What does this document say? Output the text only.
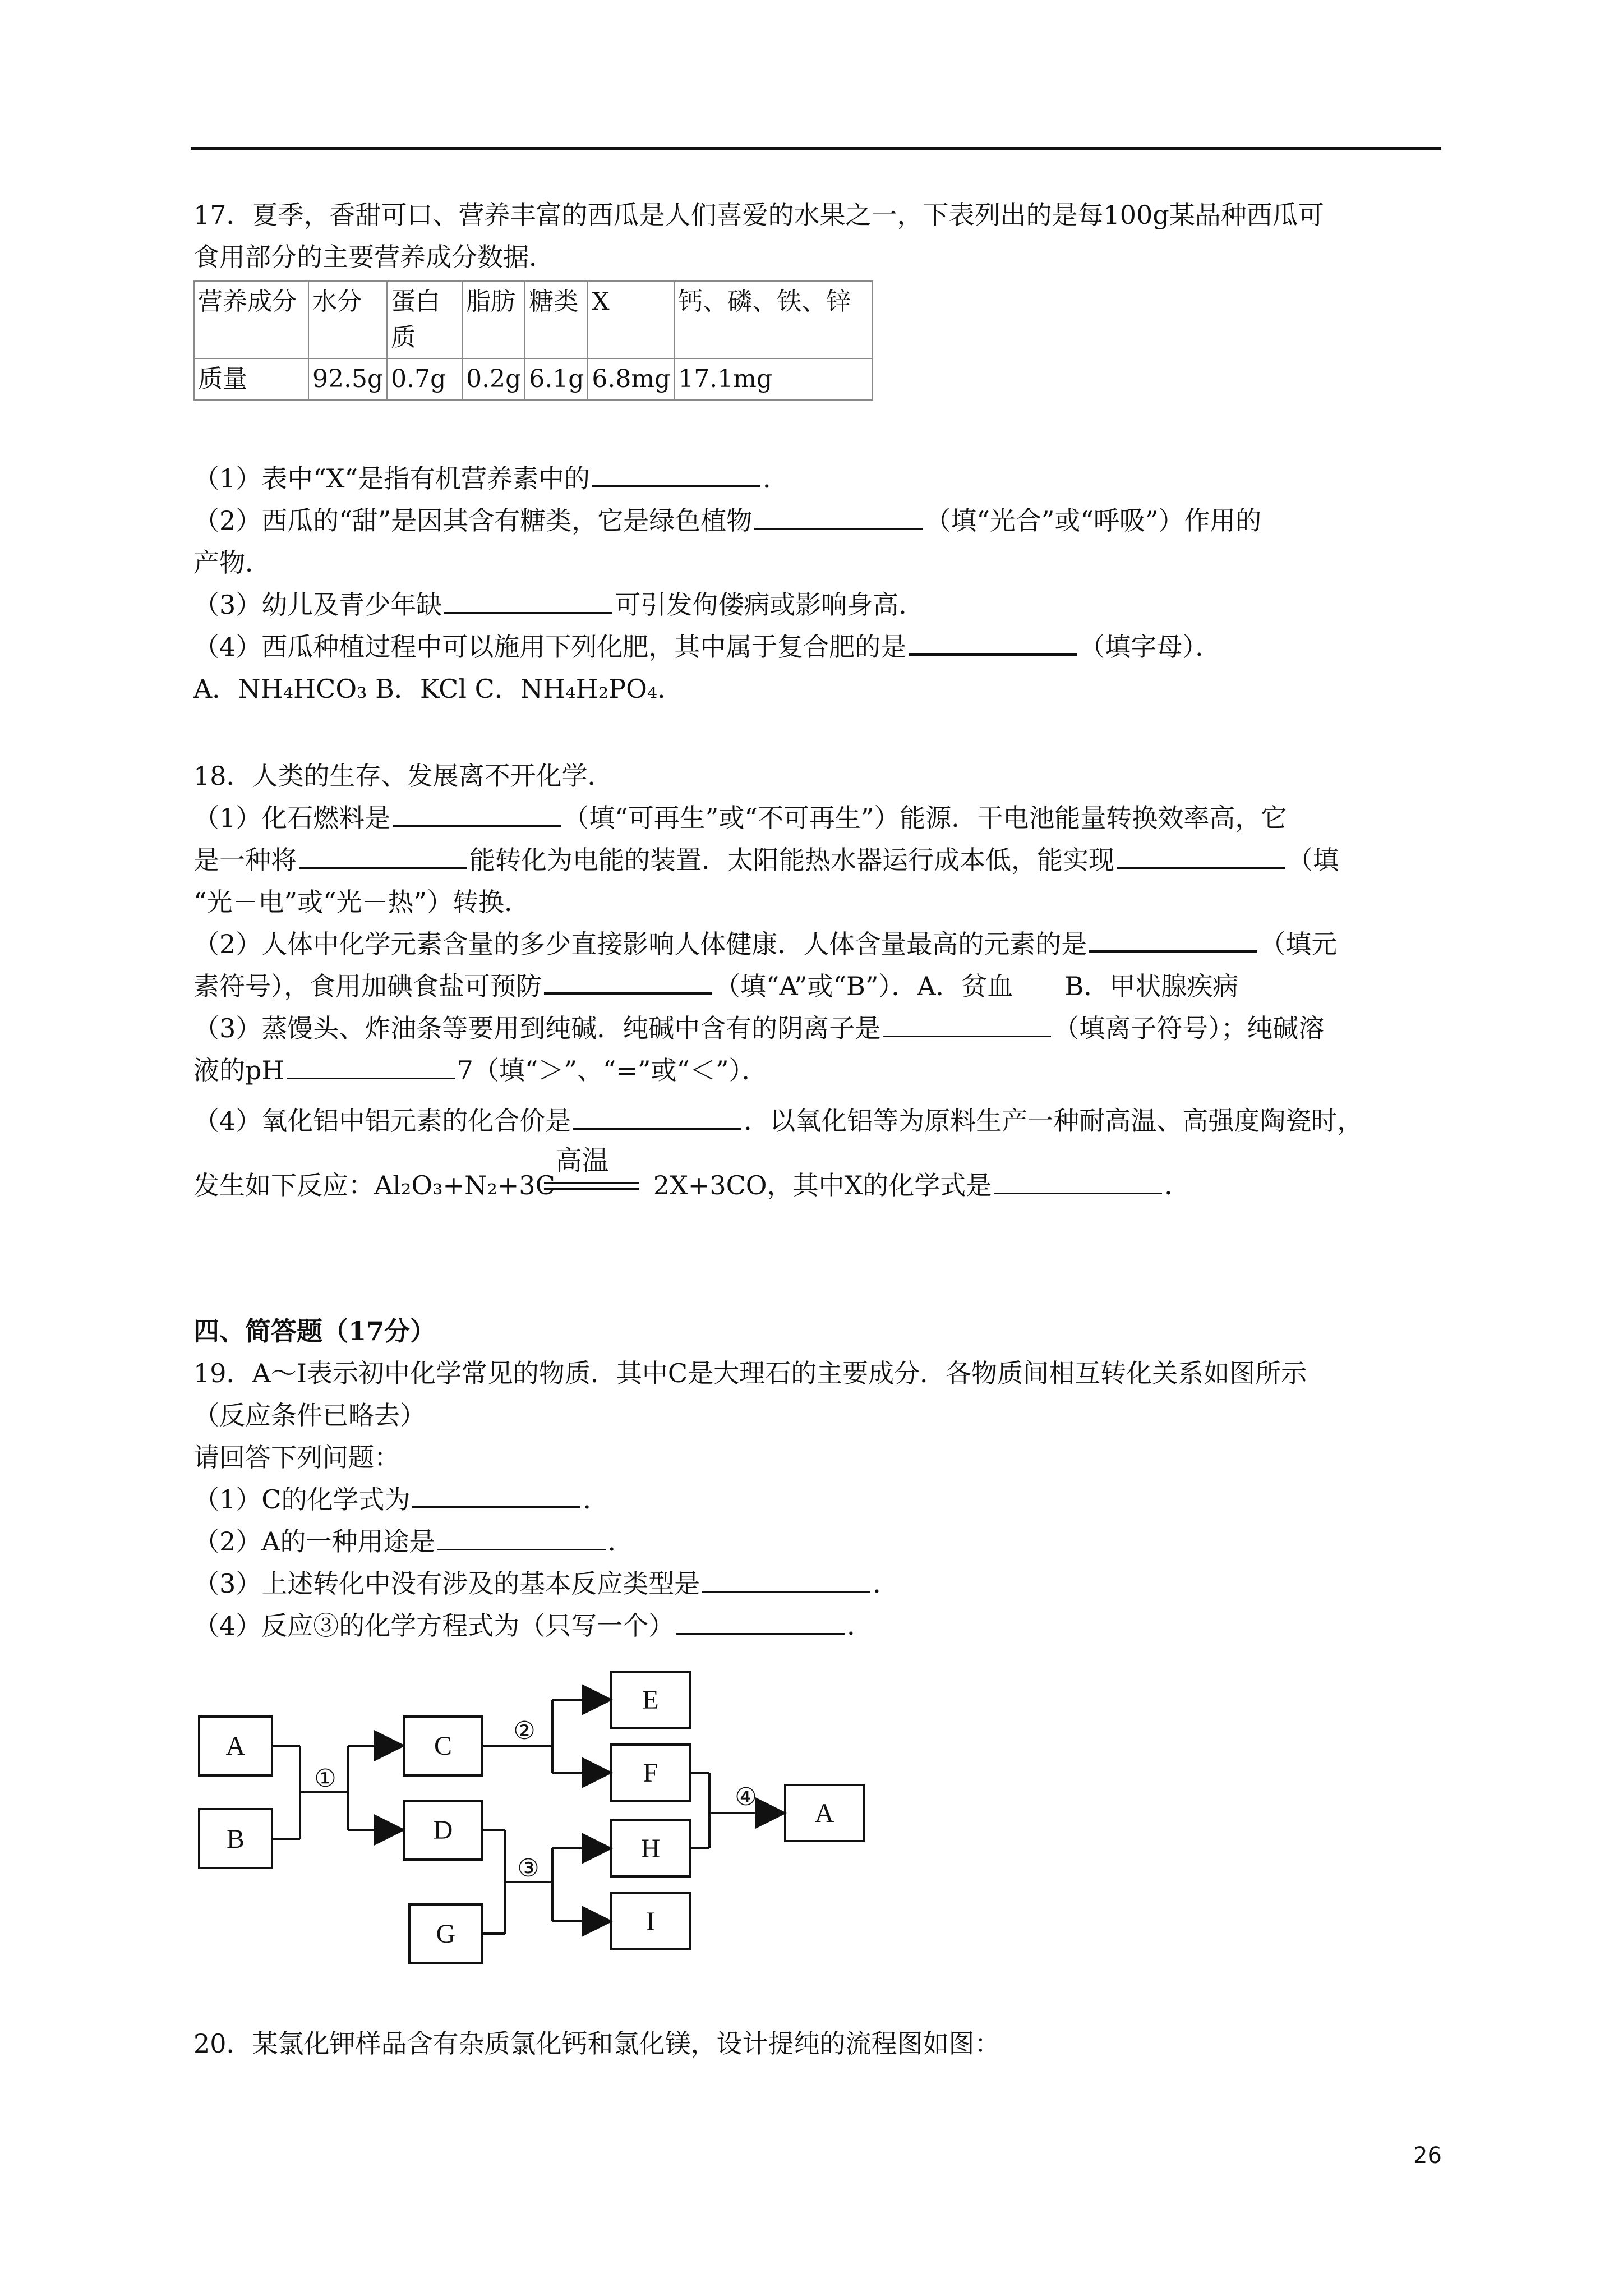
17．夏季，香甜可口、营养丰富的西瓜是人们喜爱的水果之一，下表列出的是每100g某品种西瓜可
食用部分的主要营养成分数据．
营养成分	水分	蛋白质	脂肪	糖类	X	钙、磷、铁、锌
质量	92.5g	0.7g	0.2g	6.1g	6.8mg	17.1mg
（1）表中“X“是指有机营养素中的	．
（2）西瓜的“甜”是因其含有糖类，它是绿色植物	（填“光合”或“呼吸”）作用的
产物．
（3）幼儿及青少年缺	可引发佝偻病或影响身高．
（4）西瓜种植过程中可以施用下列化肥，其中属于复合肥的是	（填字母）．
A．NH₄HCO₃ B．KCl C．NH₄H₂PO₄．
18．人类的生存、发展离不开化学．
（1）化石燃料是	（填“可再生”或“不可再生”）能源．干电池能量转换效率高，它
是一种将	能转化为电能的装置．太阳能热水器运行成本低，能实现	（填
“光－电”或“光－热”）转换．
（2）人体中化学元素含量的多少直接影响人体健康．人体含量最高的元素的是	（填元
素符号），食用加碘食盐可预防	（填“A”或“B”）．A．贫血　　B．甲状腺疾病
（3）蒸馒头、炸油条等要用到纯碱．纯碱中含有的阴离子是	（填离子符号）；纯碱溶
液的pH	7（填“＞”、“=”或“＜”）．
（4）氧化铝中铝元素的化合价是	．以氧化铝等为原料生产一种耐高温、高强度陶瓷时，
高温
发生如下反应：Al₂O₃+N₂+3C	2X+3CO，其中X的化学式是	．
四、简答题（17分）
19．A～I表示初中化学常见的物质．其中C是大理石的主要成分．各物质间相互转化关系如图所示
（反应条件已略去）
请回答下列问题：
（1）C的化学式为	．
（2）A的一种用途是	．
（3）上述转化中没有涉及的基本反应类型是	．
（4）反应③的化学方程式为（只写一个）	．
A
B
C
D
G
E
F
H
I
A
①
②
③
④
20．某氯化钾样品含有杂质氯化钙和氯化镁，设计提纯的流程图如图：
26
